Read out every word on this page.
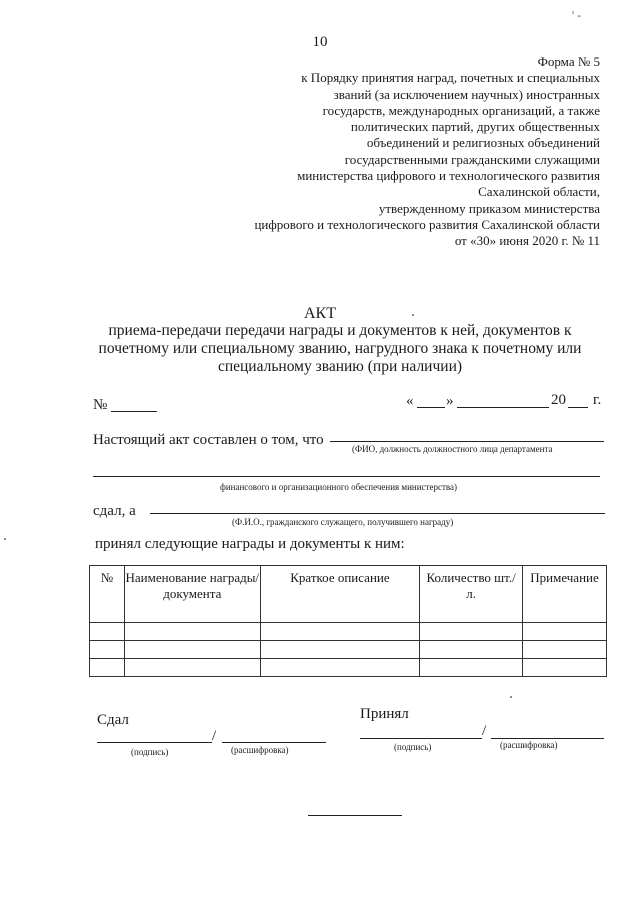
10
' -
Форма № 5
к Порядку принятия наград, почетных и специальных
званий (за исключением научных) иностранных
государств, международных организаций, а также
политических партий, других общественных
объединений и религиозных объединений
государственными гражданскими служащими
министерства цифрового и технологического развития
Сахалинской области,
утвержденному приказом министерства
цифрового и технологического развития Сахалинской области
от «30» июня 2020 г. № 11
АКТ
приема-передачи передачи награды и документов к ней, документов к почетному или специальному званию, нагрудного знака к почетному или специальному званию (при наличии)
№	« »	20 г.
Настоящий акт составлен о том, что
(ФИО, должность должностного лица департамента
финансового и организационного обеспечения министерства)
сдал, а
(Ф.И.О., гражданского служащего, получившего награду)
принял следующие награды и документы к ним:
№	Наименование награды/ документа	Краткое описание	Количество шт./ л.	Примечание

Сдал
/
(подпись)	(расшифровка)
Принял
/
(подпись)	(расшифровка)
